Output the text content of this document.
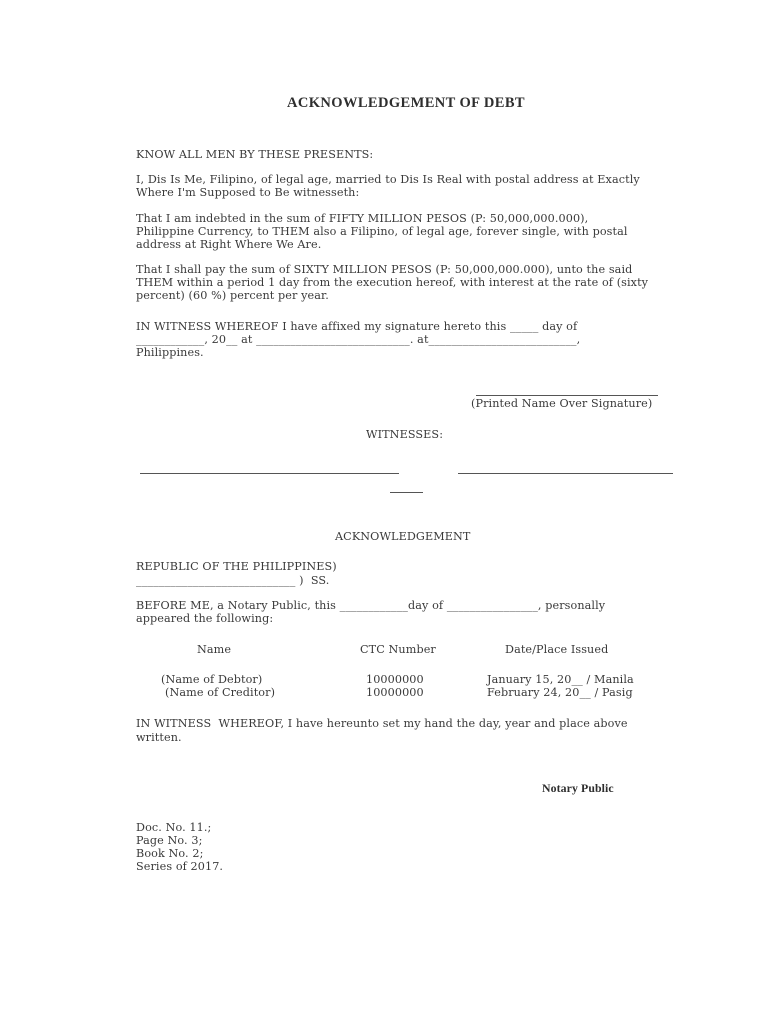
ACKNOWLEDGEMENT OF DEBT
KNOW ALL MEN BY THESE PRESENTS:
I, Dis Is Me, Filipino, of legal age, married to Dis Is Real with postal address at Exactly
Where I'm Supposed to Be witnesseth:
That I am indebted in the sum of FIFTY MILLION PESOS (P: 50,000,000.000),
Philippine Currency, to THEM also a Filipino, of legal age, forever single, with postal
address at Right Where We Are.
That I shall pay the sum of SIXTY MILLION PESOS (P: 50,000,000.000), unto the said
THEM within a period 1 day from the execution hereof, with interest at the rate of (sixty
percent) (60 %) percent per year.
IN WITNESS WHEREOF I have affixed my signature hereto this _____ day of
____________, 20__ at ___________________________. at__________________________,
Philippines.
(Printed Name Over Signature)
WITNESSES:
ACKNOWLEDGEMENT
REPUBLIC OF THE PHILIPPINES)
____________________________ )  SS.
BEFORE ME, a Notary Public, this ____________day of ________________, personally
appeared the following:
Name	CTC Number	Date/Place Issued
(Name of Debtor)	10000000	January 15, 20__ / Manila
(Name of Creditor)	10000000	February 24, 20__ / Pasig
IN WITNESS  WHEREOF, I have hereunto set my hand the day, year and place above
written.
Notary Public
Doc. No. 11.;
Page No. 3;
Book No. 2;
Series of 2017.
